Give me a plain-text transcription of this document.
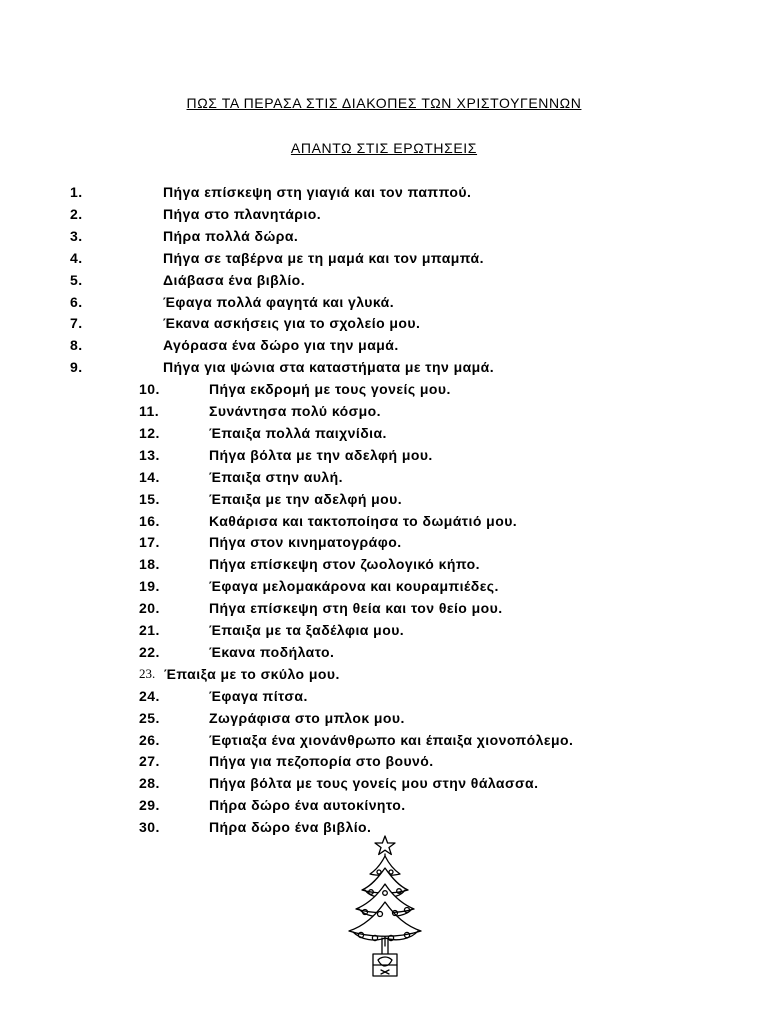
ΠΩΣ ΤΑ ΠΕΡΑΣΑ ΣΤΙΣ ΔΙΑΚΟΠΕΣ ΤΩΝ ΧΡΙΣΤΟΥΓΕΝΝΩΝ
ΑΠΑΝΤΩ ΣΤΙΣ ΕΡΩΤΗΣΕΙΣ
1.	Πήγα επίσκεψη στη γιαγιά και τον παππού.
2.	Πήγα στο πλανητάριο.
3.	Πήρα πολλά δώρα.
4.	Πήγα σε ταβέρνα με τη μαμά και τον μπαμπά.
5.	Διάβασα ένα βιβλίο.
6.	Έφαγα πολλά φαγητά και γλυκά.
7.	Έκανα ασκήσεις για το σχολείο μου.
8.	Αγόρασα ένα δώρο για την μαμά.
9.	Πήγα για ψώνια στα καταστήματα με την μαμά.
10.	Πήγα εκδρομή με τους γονείς μου.
11.	Συνάντησα πολύ κόσμο.
12.	Έπαιξα πολλά παιχνίδια.
13.	Πήγα βόλτα με την αδελφή μου.
14.	Έπαιξα στην αυλή.
15.	Έπαιξα με την αδελφή μου.
16.	Καθάρισα και τακτοποίησα το δωμάτιό μου.
17.	Πήγα στον κινηματογράφο.
18.	Πήγα επίσκεψη στον ζωολογικό κήπο.
19.	Έφαγα μελομακάρονα και κουραμπιέδες.
20.	Πήγα επίσκεψη στη θεία και τον θείο μου.
21.	Έπαιξα με τα ξαδέλφια μου.
22.	Έκανα ποδήλατο.
23. Έπαιξα με το σκύλο μου.
24.	Έφαγα πίτσα.
25.	Ζωγράφισα στο μπλοκ μου.
26.	Έφτιαξα ένα χιονάνθρωπο και έπαιξα χιονοπόλεμο.
27.	Πήγα για πεζοπορία στο βουνό.
28.	Πήγα βόλτα με τους γονείς μου στην θάλασσα.
29.	Πήρα δώρο ένα αυτοκίνητο.
30.	Πήρα δώρο ένα βιβλίο.
